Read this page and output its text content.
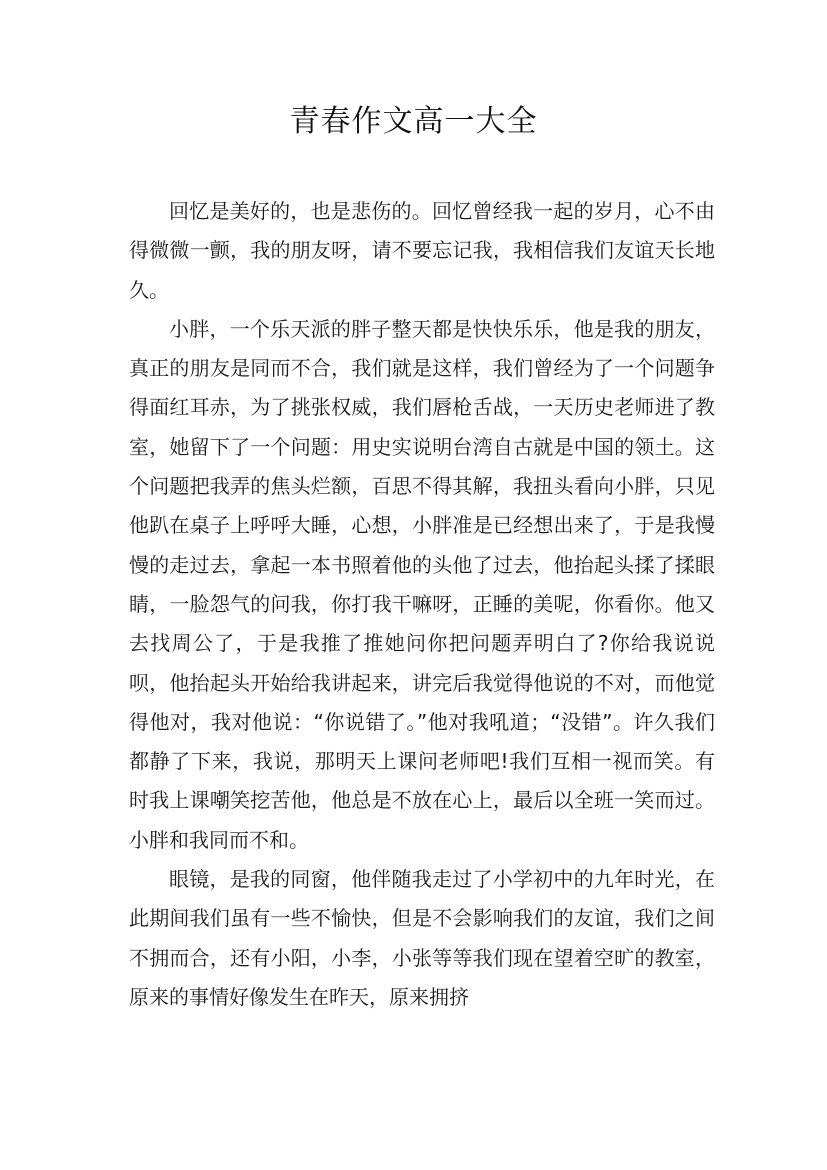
青春作文高一大全

回忆是美好的，也是悲伤的。回忆曾经我一起的岁月，心不由得微微一颤，我的朋友呀，请不要忘记我，我相信我们友谊天长地久。

小胖，一个乐天派的胖子整天都是快快乐乐，他是我的朋友，真正的朋友是同而不合，我们就是这样，我们曾经为了一个问题争得面红耳赤，为了挑张权威，我们唇枪舌战，一天历史老师进了教室，她留下了一个问题：用史实说明台湾自古就是中国的领土。这个问题把我弄的焦头烂额，百思不得其解，我扭头看向小胖，只见他趴在桌子上呼呼大睡，心想，小胖准是已经想出来了，于是我慢慢的走过去，拿起一本书照着他的头他了过去，他抬起头揉了揉眼睛，一脸怨气的问我，你打我干嘛呀，正睡的美呢，你看你。他又去找周公了，于是我推了推她问你把问题弄明白了?你给我说说呗，他抬起头开始给我讲起来，讲完后我觉得他说的不对，而他觉得他对，我对他说：“你说错了。”他对我吼道；“没错”。许久我们都静了下来，我说，那明天上课问老师吧!我们互相一视而笑。有时我上课嘲笑挖苦他，他总是不放在心上，最后以全班一笑而过。小胖和我同而不和。

眼镜，是我的同窗，他伴随我走过了小学初中的九年时光，在此期间我们虽有一些不愉快，但是不会影响我们的友谊，我们之间不拥而合，还有小阳，小李，小张等等我们现在望着空旷的教室，原来的事情好像发生在昨天，原来拥挤
